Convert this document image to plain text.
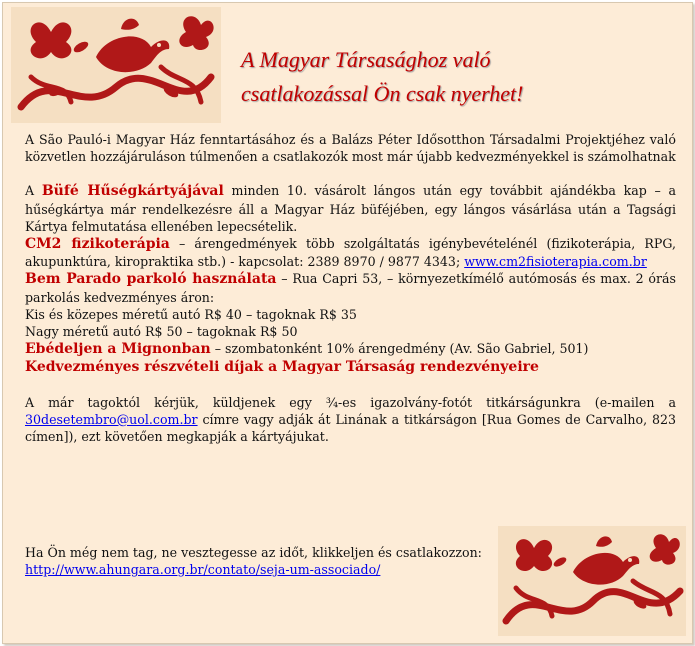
A Magyar Társasághoz való
csatlakozással Ön csak nyerhet!

A São Pauló-i Magyar Ház fenntartásához és a Balázs Péter Idősotthon Társadalmi Projektjéhez való közvetlen hozzájáruláson túlmenően a csatlakozók most már újabb kedvezményekkel is számolhatnak

A Büfé Hűségkártyájával minden 10. vásárolt lángos után egy továbbit ajándékba kap – a hűségkártya már rendelkezésre áll a Magyar Ház büféjében, egy lángos vásárlása után a Tagsági Kártya felmutatása ellenében lepecsételik.

CM2 fizikoterápia – árengedmények több szolgáltatás igénybevételénél (fizikoterápia, RPG, akupunktúra, kiropraktika stb.) - kapcsolat: 2389 8970 / 9877 4343; www.cm2fisioterapia.com.br

Bem Parado parkoló használata – Rua Capri 53, – környezetkímélő autómosás és max. 2 órás parkolás kedvezményes áron:

Kis és közepes méretű autó R$ 40 – tagoknak R$ 35

Nagy méretű autó R$ 50 – tagoknak R$ 50

Ebédeljen a Mignonban – szombatonként 10% árengedmény (Av. São Gabriel, 501)

Kedvezményes részvételi díjak a Magyar Társaság rendezvényeire

A már tagoktól kérjük, küldjenek egy ¾-es igazolvány-fotót titkárságunkra (e-mailen a 30desetembro@uol.com.br címre vagy adják át Linának a titkárságon [Rua Gomes de Carvalho, 823 címen]), ezt követően megkapják a kártyájukat.

Ha Ön még nem tag, ne vesztegesse az időt, klikkeljen és csatlakozzon: http://www.ahungara.org.br/contato/seja-um-associado/
